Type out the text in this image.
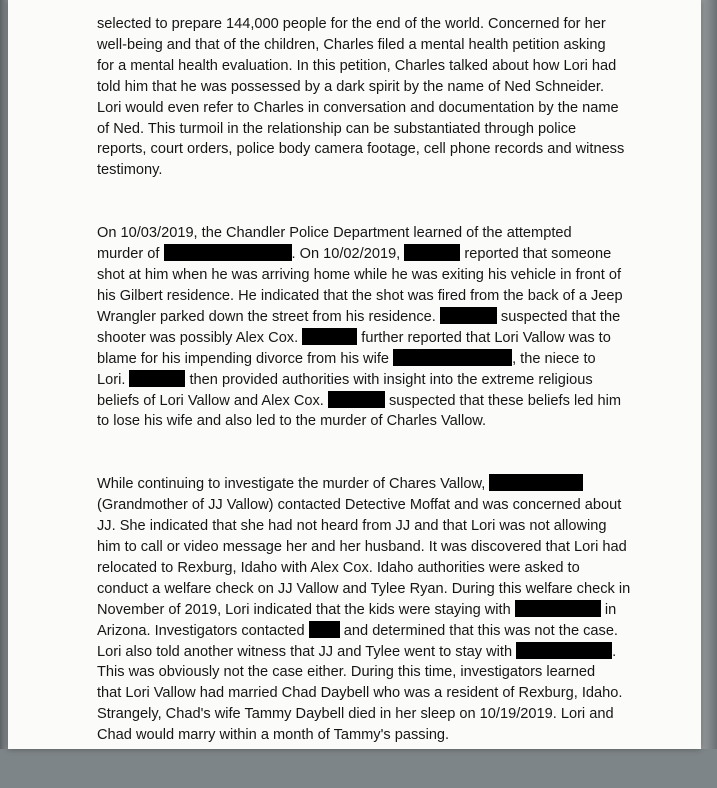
selected to prepare 144,000 people for the end of the world. Concerned for her

well-being and that of the children, Charles filed a mental health petition asking

for a mental health evaluation. In this petition, Charles talked about how Lori had

told him that he was possessed by a dark spirit by the name of Ned Schneider.

Lori would even refer to Charles in conversation and documentation by the name

of Ned. This turmoil in the relationship can be substantiated through police

reports, court orders, police body camera footage, cell phone records and witness

testimony.

On 10/03/2019, the Chandler Police Department learned of the attempted

murder of	. On 10/02/2019,	reported that someone

shot at him when he was arriving home while he was exiting his vehicle in front of

his Gilbert residence. He indicated that the shot was fired from the back of a Jeep

Wrangler parked down the street from his residence.	suspected that the

shooter was possibly Alex Cox.	further reported that Lori Vallow was to

blame for his impending divorce from his wife	, the niece to

Lori.	then provided authorities with insight into the extreme religious

beliefs of Lori Vallow and Alex Cox.	suspected that these beliefs led him

to lose his wife and also led to the murder of Charles Vallow.

While continuing to investigate the murder of Chares Vallow,

(Grandmother of JJ Vallow) contacted Detective Moffat and was concerned about

JJ. She indicated that she had not heard from JJ and that Lori was not allowing

him to call or video message her and her husband. It was discovered that Lori had

relocated to Rexburg, Idaho with Alex Cox. Idaho authorities were asked to

conduct a welfare check on JJ Vallow and Tylee Ryan. During this welfare check in

November of 2019, Lori indicated that the kids were staying with	in

Arizona. Investigators contacted  and determined that this was not the case.

Lori also told another witness that JJ and Tylee went to stay with	.

This was obviously not the case either. During this time, investigators learned

that Lori Vallow had married Chad Daybell who was a resident of Rexburg, Idaho.

Strangely, Chad's wife Tammy Daybell died in her sleep on 10/19/2019. Lori and

Chad would marry within a month of Tammy's passing.
